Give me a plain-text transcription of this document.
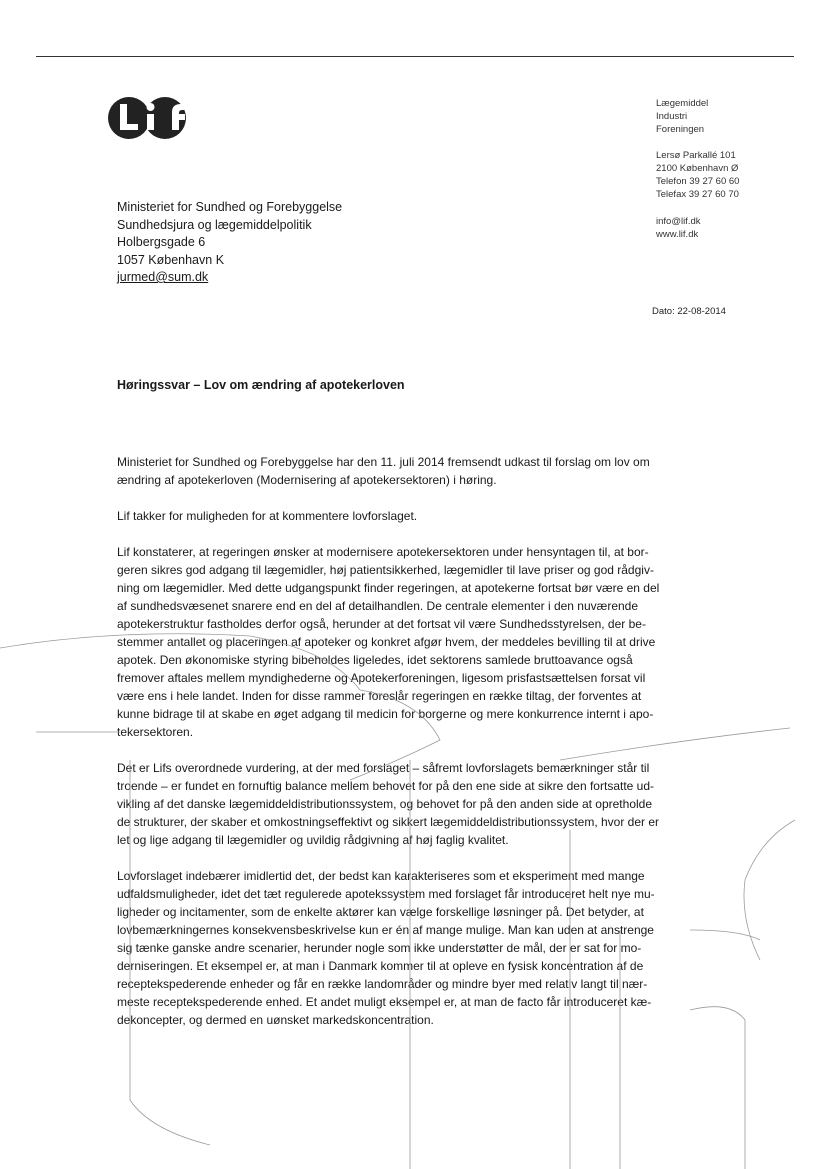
Lægemiddel
Industri
Foreningen
Lersø Parkallé 101
2100 København Ø
Telefon 39 27 60 60
Telefax 39 27 60 70
info@lif.dk
www.lif.dk
Ministeriet for Sundhed og Forebyggelse
Sundhedsjura og lægemiddelpolitik
Holbergsgade 6
1057 København K
jurmed@sum.dk
Dato: 22-08-2014
Høringssvar – Lov om ændring af apotekerloven

Ministeriet for Sundhed og Forebyggelse har den 11. juli 2014 fremsendt udkast til forslag om lov om

ændring af apotekerloven (Modernisering af apotekersektoren) i høring.

Lif takker for muligheden for at kommentere lovforslaget.

Lif konstaterer, at regeringen ønsker at modernisere apotekersektoren under hensyntagen til, at bor-

geren sikres god adgang til lægemidler, høj patientsikkerhed, lægemidler til lave priser og god rådgiv-

ning om lægemidler. Med dette udgangspunkt finder regeringen, at apotekerne fortsat bør være en del

af sundhedsvæsenet snarere end en del af detailhandlen. De centrale elementer i den nuværende

apotekerstruktur fastholdes derfor også, herunder at det fortsat vil være Sundhedsstyrelsen, der be-

stemmer antallet og placeringen af apoteker og konkret afgør hvem, der meddeles bevilling til at drive

apotek. Den økonomiske styring bibeholdes ligeledes, idet sektorens samlede bruttoavance også

fremover aftales mellem myndighederne og Apotekerforeningen, ligesom prisfastsættelsen forsat vil

være ens i hele landet. Inden for disse rammer foreslår regeringen en række tiltag, der forventes at

kunne bidrage til at skabe en øget adgang til medicin for borgerne og mere konkurrence internt i apo-

tekersektoren.

Det er Lifs overordnede vurdering, at der med forslaget – såfremt lovforslagets bemærkninger står til

troende – er fundet en fornuftig balance mellem behovet for på den ene side at sikre den fortsatte ud-

vikling af det danske lægemiddeldistributionssystem, og behovet for på den anden side at opretholde

de strukturer, der skaber et omkostningseffektivt og sikkert lægemiddeldistributionssystem, hvor der er

let og lige adgang til lægemidler og uvildig rådgivning af høj faglig kvalitet.

Lovforslaget indebærer imidlertid det, der bedst kan karakteriseres som et eksperiment med mange

udfaldsmuligheder, idet det tæt regulerede apotekssystem med forslaget får introduceret helt nye mu-

ligheder og incitamenter, som de enkelte aktører kan vælge forskellige løsninger på. Det betyder, at

lovbemærkningernes konsekvensbeskrivelse kun er én af mange mulige. Man kan uden at anstrenge

sig tænke ganske andre scenarier, herunder nogle som ikke understøtter de mål, der er sat for mo-

derniseringen. Et eksempel er, at man i Danmark kommer til at opleve en fysisk koncentration af de

receptekspederende enheder og får en række landområder og mindre byer med relativ langt til nær-

meste receptekspederende enhed. Et andet muligt eksempel er, at man de facto får introduceret kæ-

dekoncepter, og dermed en uønsket markedskoncentration.
